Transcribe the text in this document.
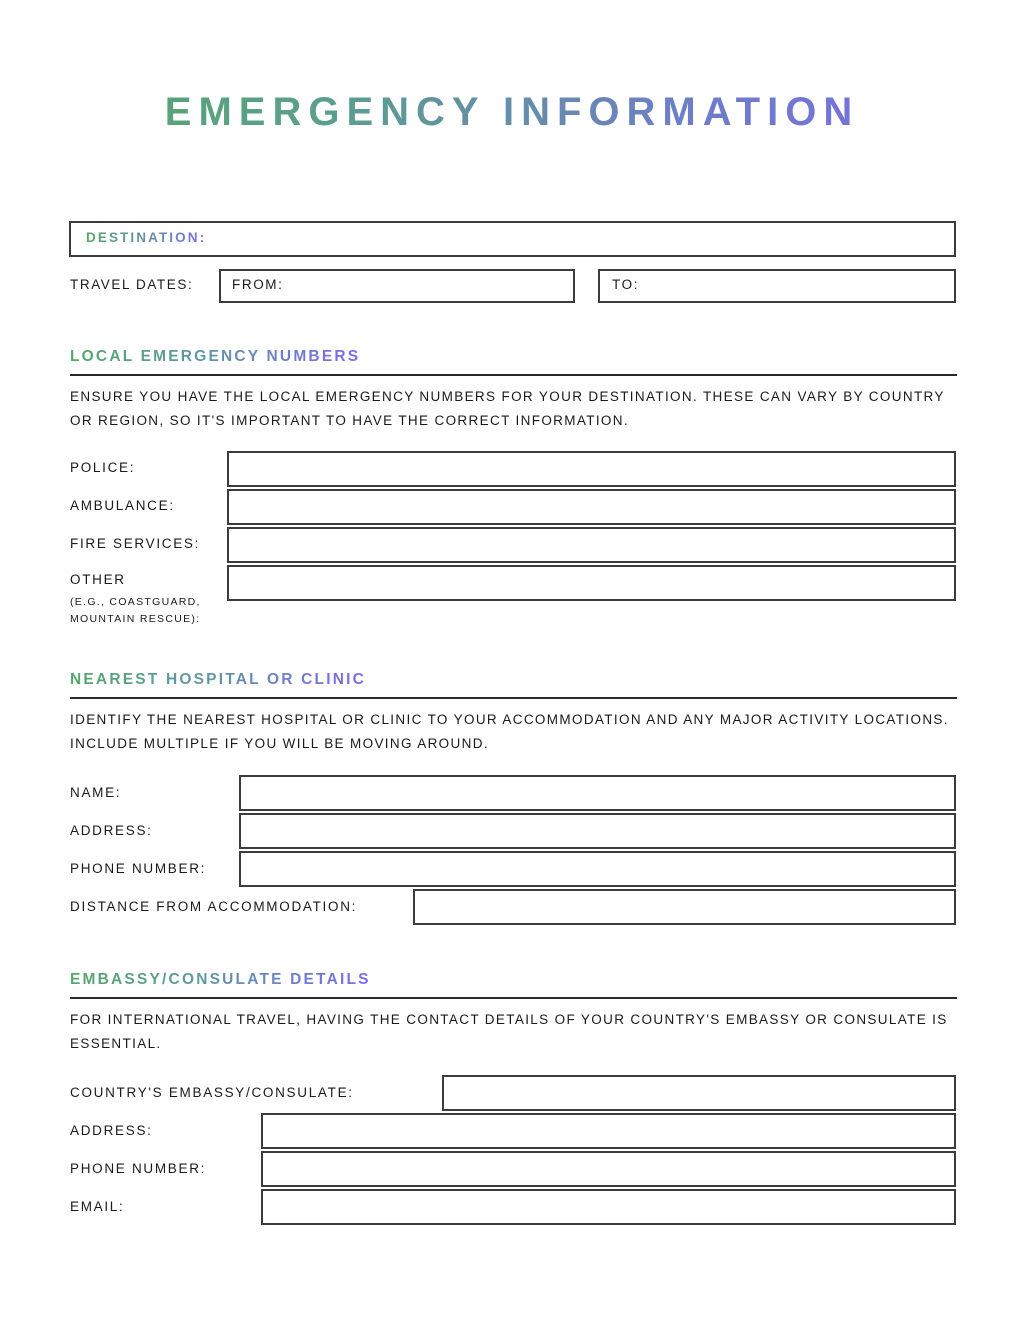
EMERGENCY INFORMATION
DESTINATION:
TRAVEL DATES:	FROM:	TO:
LOCAL EMERGENCY NUMBERS
ENSURE YOU HAVE THE LOCAL EMERGENCY NUMBERS FOR YOUR DESTINATION. THESE CAN VARY BY COUNTRY OR REGION, SO IT'S IMPORTANT TO HAVE THE CORRECT INFORMATION.
POLICE:
AMBULANCE:
FIRE SERVICES:
OTHER
(E.G., COASTGUARD,
MOUNTAIN RESCUE):
NEAREST HOSPITAL OR CLINIC
IDENTIFY THE NEAREST HOSPITAL OR CLINIC TO YOUR ACCOMMODATION AND ANY MAJOR ACTIVITY LOCATIONS. INCLUDE MULTIPLE IF YOU WILL BE MOVING AROUND.
NAME:
ADDRESS:
PHONE NUMBER:
DISTANCE FROM ACCOMMODATION:
EMBASSY/CONSULATE DETAILS
FOR INTERNATIONAL TRAVEL, HAVING THE CONTACT DETAILS OF YOUR COUNTRY'S EMBASSY OR CONSULATE IS ESSENTIAL.
COUNTRY'S EMBASSY/CONSULATE:
ADDRESS:
PHONE NUMBER:
EMAIL:
